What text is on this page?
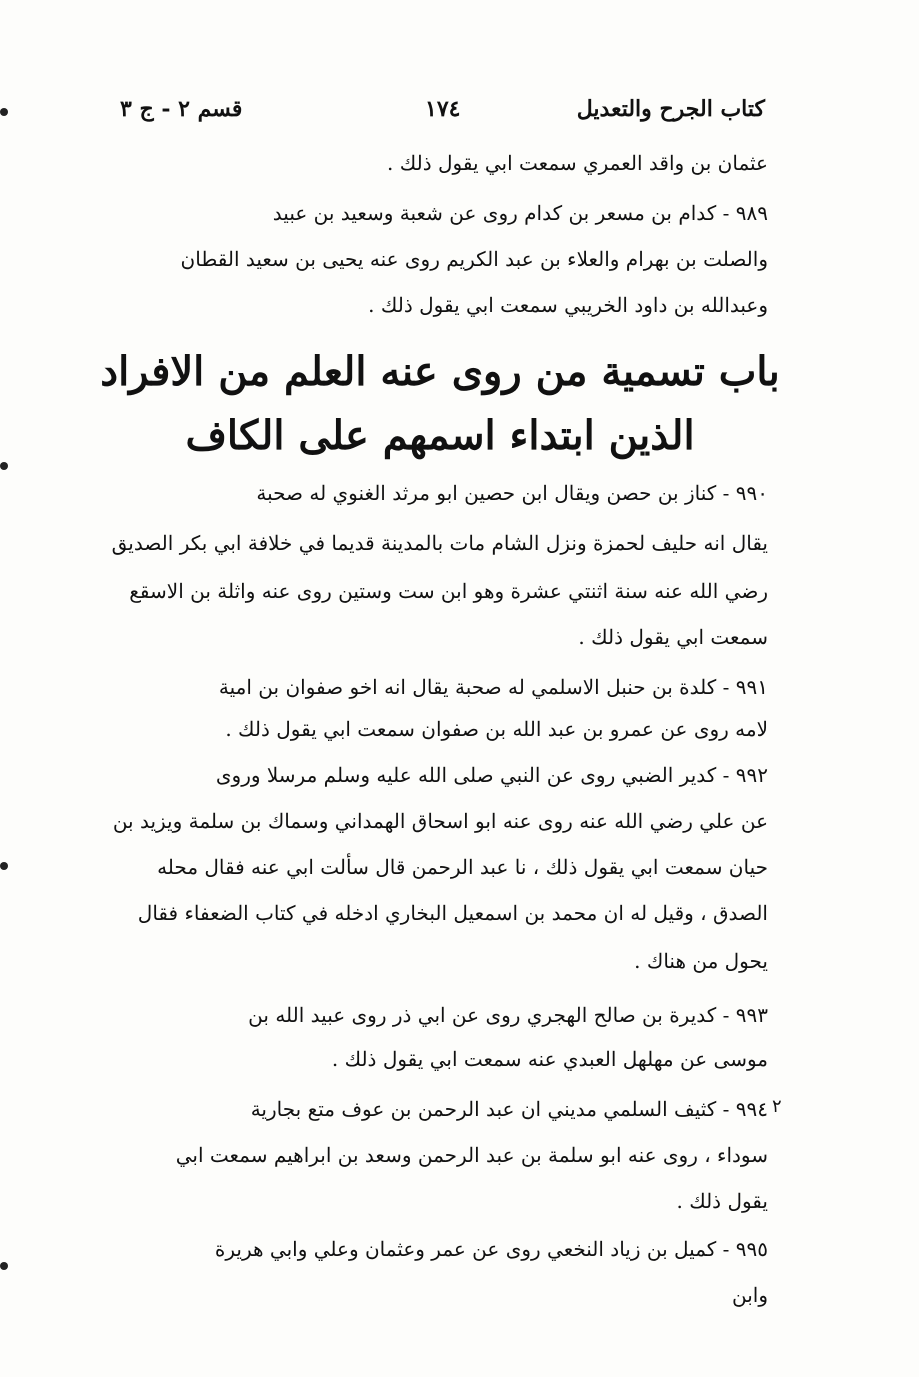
كتاب الجرح والتعديل
١٧٤
قسم ٢ - ج ٣
عثمان بن واقد العمري سمعت ابي يقول ذلك .
٩٨٩ - كدام بن مسعر بن كدام روى عن شعبة وسعيد بن عبيد
والصلت بن بهرام والعلاء بن عبد الكريم روى عنه يحيى بن سعيد القطان
وعبدالله بن داود الخريبي سمعت ابي يقول ذلك .
باب تسمية من روى عنه العلم من الافراد
الذين ابتداء اسمهم على الكاف
٩٩٠ - كناز بن حصن ويقال ابن حصين ابو مرثد الغنوي له صحبة
يقال انه حليف لحمزة ونزل الشام مات بالمدينة قديما في خلافة ابي بكر الصديق
رضي الله عنه سنة اثنتي عشرة وهو ابن ست وستين روى عنه واثلة بن الاسقع
سمعت ابي يقول ذلك .
٩٩١ - كلدة بن حنبل الاسلمي له صحبة يقال انه اخو صفوان بن امية
لامه روى عن عمرو بن عبد الله بن صفوان سمعت ابي يقول ذلك .
٩٩٢ - كدير الضبي روى عن النبي صلى الله عليه وسلم مرسلا وروى
عن علي رضي الله عنه روى عنه ابو اسحاق الهمداني وسماك بن سلمة ويزيد بن
حيان سمعت ابي يقول ذلك ، نا عبد الرحمن قال سألت ابي عنه فقال محله
الصدق ، وقيل له ان محمد بن اسمعيل البخاري ادخله في كتاب الضعفاء فقال
يحول من هناك .
٩٩٣ - كديرة بن صالح الهجري روى عن ابي ذر روى عبيد الله بن
موسى عن مهلهل العبدي عنه سمعت ابي يقول ذلك .
٩٩٤ - كثيف السلمي مديني ان عبد الرحمن بن عوف متع بجارية
سوداء ، روى عنه ابو سلمة بن عبد الرحمن وسعد بن ابراهيم سمعت ابي
يقول ذلك .
٩٩٥ - كميل بن زياد النخعي روى عن عمر وعثمان وعلي وابي هريرة
وابن
٢
